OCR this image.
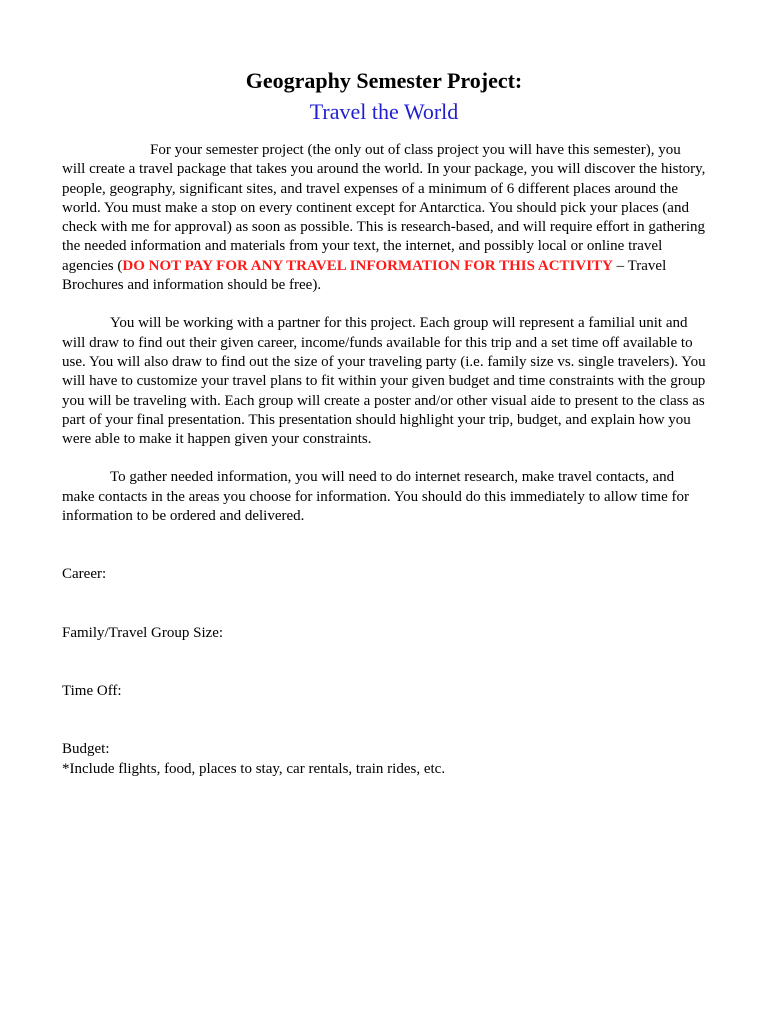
Geography Semester Project:
Travel the World

For your semester project (the only out of class project you will have this semester), you will create a travel package that takes you around the world. In your package, you will discover the history, people, geography, significant sites, and travel expenses of a minimum of 6 different places around the world. You must make a stop on every continent except for Antarctica. You should pick your places (and check with me for approval) as soon as possible. This is research-based, and will require effort in gathering the needed information and materials from your text, the internet, and possibly local or online travel agencies (DO NOT PAY FOR ANY TRAVEL INFORMATION FOR THIS ACTIVITY – Travel Brochures and information should be free).

You will be working with a partner for this project. Each group will represent a familial unit and will draw to find out their given career, income/funds available for this trip and a set time off available to use. You will also draw to find out the size of your traveling party (i.e. family size vs. single travelers). You will have to customize your travel plans to fit within your given budget and time constraints with the group you will be traveling with. Each group will create a poster and/or other visual aide to present to the class as part of your final presentation. This presentation should highlight your trip, budget, and explain how you were able to make it happen given your constraints.

To gather needed information, you will need to do internet research, make travel contacts, and make contacts in the areas you choose for information. You should do this immediately to allow time for information to be ordered and delivered.

Career:

Family/Travel Group Size:

Time Off:

Budget:

*Include flights, food, places to stay, car rentals, train rides, etc.
